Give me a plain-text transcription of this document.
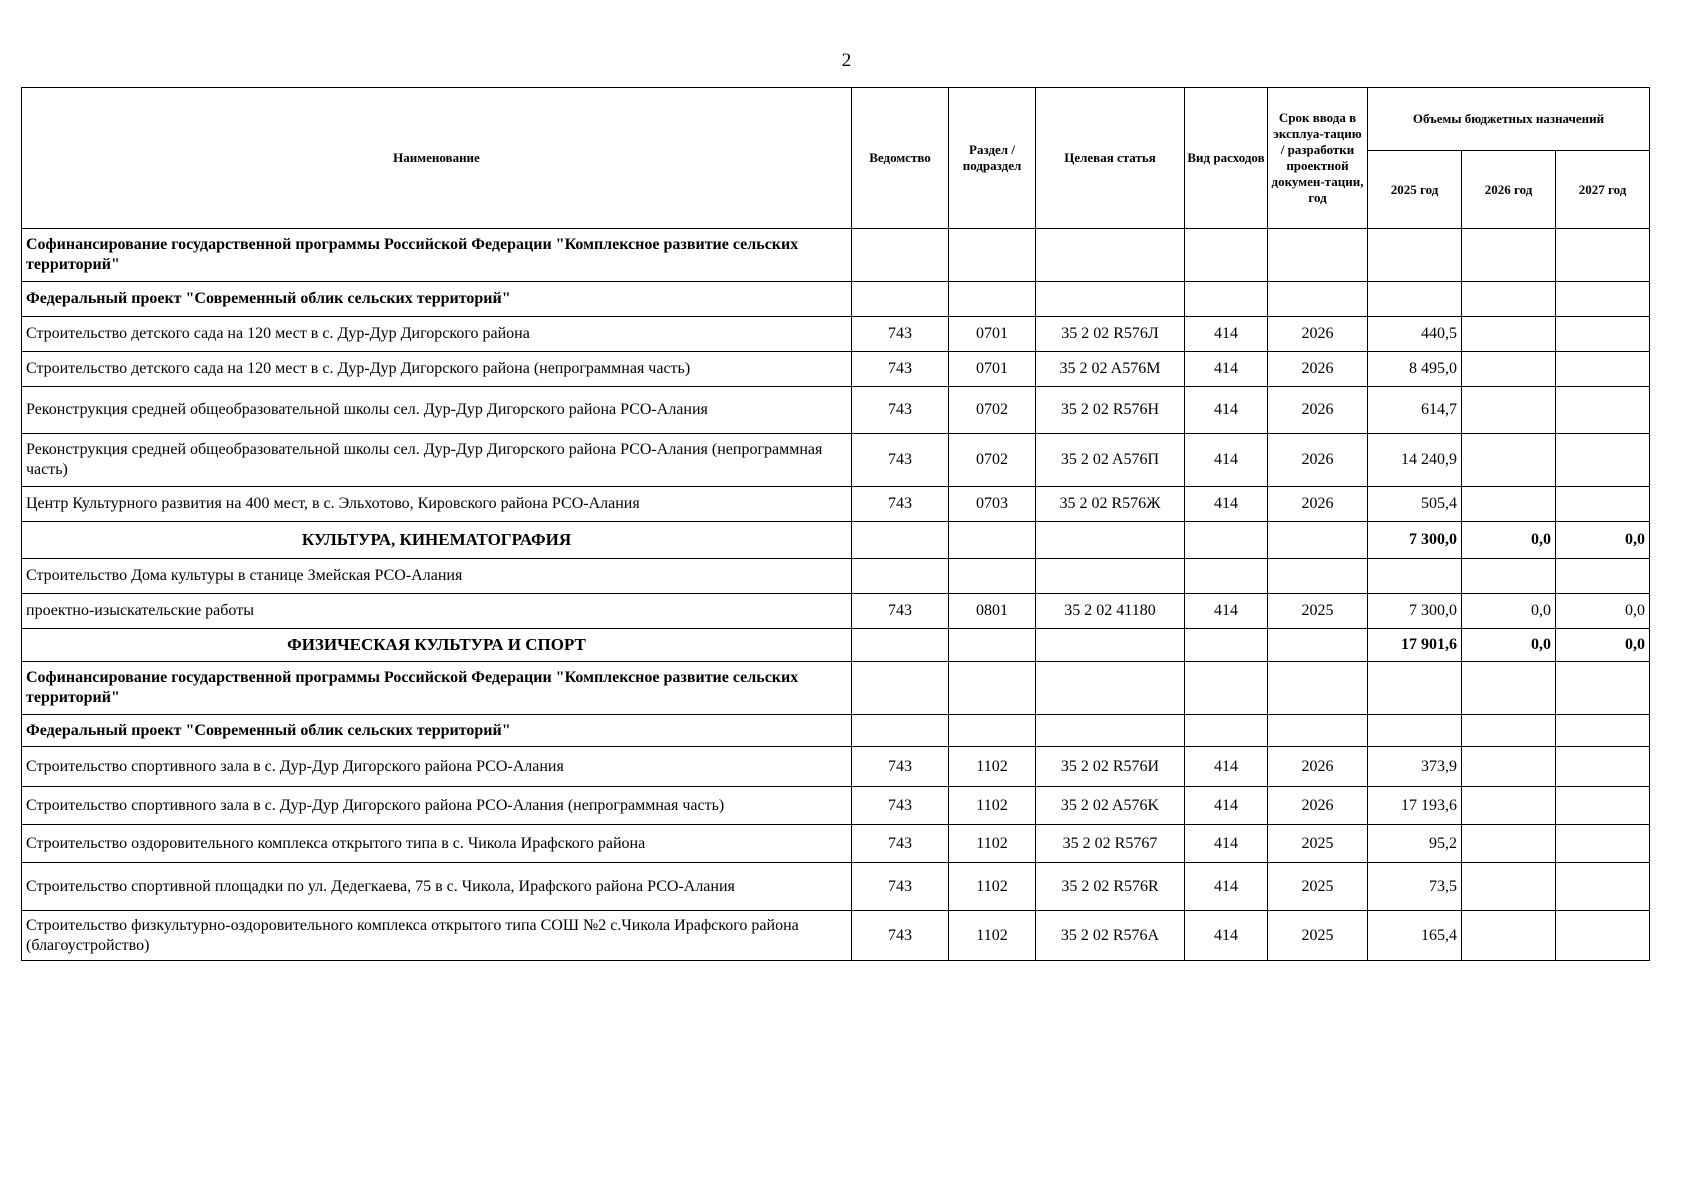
2
Наименование	Ведомство	Раздел / подраздел	Целевая статья	Вид расходов	Срок ввода в эксплуа-тацию / разработки проектной докумен-тации, год	Объемы бюджетных назначений		
						2025 год	2026 год	2027 год
Софинансирование государственной программы Российской Федерации "Комплексное развитие сельских территорий"								
Федеральный проект "Современный облик сельских территорий"								
Строительство детского сада на 120 мест в с. Дур-Дур Дигорского района	743	0701	35 2 02 R576Л	414	2026	440,5		
Строительство детского сада на 120 мест в с. Дур-Дур Дигорского района (непрограммная часть)	743	0701	35 2 02 A576M	414	2026	8 495,0		
Реконструкция средней общеобразовательной школы сел. Дур-Дур Дигорского района РСО-Алания	743	0702	35 2 02 R576H	414	2026	614,7		
Реконструкция средней общеобразовательной школы сел. Дур-Дур Дигорского района РСО-Алания (непрограммная часть)	743	0702	35 2 02 A576П	414	2026	14 240,9		
Центр Культурного развития на 400 мест, в с. Эльхотово, Кировского района РСО-Алания	743	0703	35 2 02 R576Ж	414	2026	505,4		
КУЛЬТУРА, КИНЕМАТОГРАФИЯ						7 300,0	0,0	0,0
Строительство Дома культуры в станице Змейская РСО-Алания								
проектно-изыскательские работы	743	0801	35 2 02 41180	414	2025	7 300,0	0,0	0,0
ФИЗИЧЕСКАЯ КУЛЬТУРА И СПОРТ						17 901,6	0,0	0,0
Софинансирование государственной программы Российской Федерации "Комплексное развитие сельских территорий"								
Федеральный проект "Современный облик сельских территорий"								
Строительство спортивного зала в с. Дур-Дур Дигорского района РСО-Алания	743	1102	35 2 02 R576И	414	2026	373,9		
Строительство спортивного зала в с. Дур-Дур Дигорского района РСО-Алания (непрограммная часть)	743	1102	35 2 02 A576K	414	2026	17 193,6		
Строительство оздоровительного комплекса открытого типа в с. Чикола Ирафского района	743	1102	35 2 02 R5767	414	2025	95,2		
Строительство спортивной площадки по ул. Дедегкаева, 75 в с. Чикола, Ирафского района РСО-Алания	743	1102	35 2 02 R576R	414	2025	73,5		
Строительство физкультурно-оздоровительного комплекса открытого типа СОШ №2 с.Чикола Ирафского района (благоустройство)	743	1102	35 2 02 R576A	414	2025	165,4		
